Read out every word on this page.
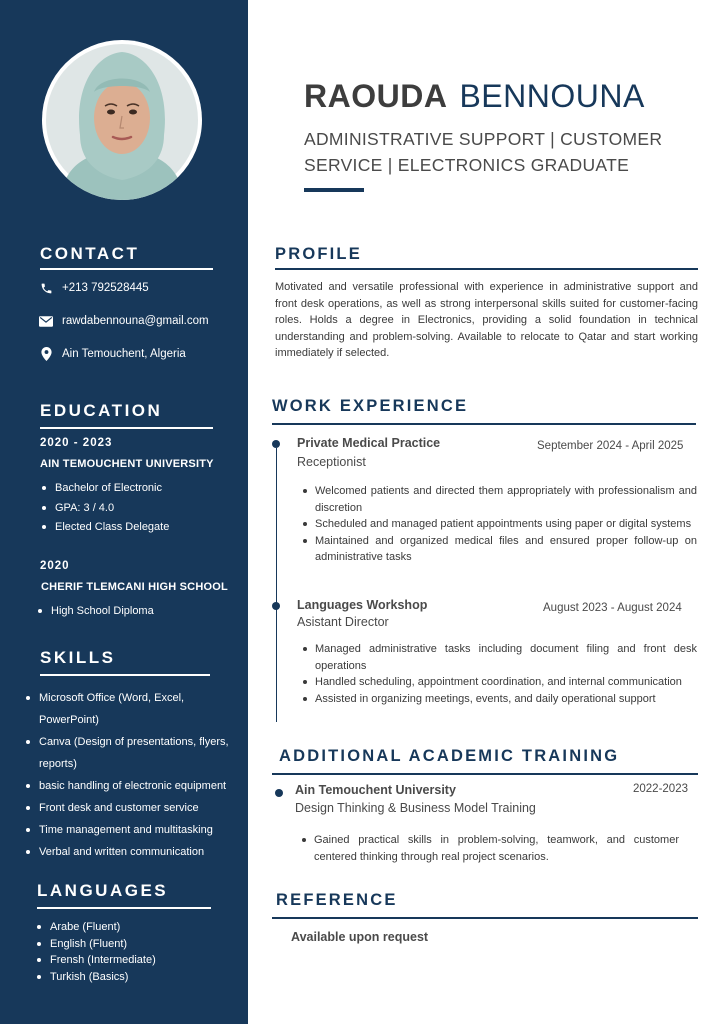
CONTACT
+213 792528445
rawdabennouna@gmail.com
Ain Temouchent, Algeria
EDUCATION
2020 - 2023
AIN TEMOUCHENT UNIVERSITY
Bachelor of Electronic
GPA: 3 / 4.0
Elected Class Delegate
2020
CHERIF TLEMCANI HIGH SCHOOL
High School Diploma
SKILLS
Microsoft Office (Word, Excel, PowerPoint)
Canva (Design of presentations, flyers, reports)
basic handling of electronic equipment
Front desk and customer service
Time management and multitasking
Verbal and written communication
LANGUAGES
Arabe (Fluent)
English (Fluent)
Frensh (Intermediate)
Turkish (Basics)
RAOUDA BENNOUNA
ADMINISTRATIVE SUPPORT | CUSTOMER SERVICE | ELECTRONICS GRADUATE
PROFILE
Motivated and versatile professional with experience in administrative support and front desk operations, as well as strong interpersonal skills suited for customer-facing roles. Holds a degree in Electronics, providing a solid foundation in technical understanding and problem-solving. Available to relocate to Qatar and start working immediately if selected.
WORK EXPERIENCE
Private Medical Practice
Receptionist
September 2024 - April 2025
Welcomed patients and directed them appropriately with professionalism and discretion
Scheduled and managed patient appointments using paper or digital systems
Maintained and organized medical files and ensured proper follow-up on administrative tasks
Languages Workshop
Asistant Director
August 2023 - August 2024
Managed administrative tasks including document filing and front desk operations
Handled scheduling, appointment coordination, and internal communication
Assisted in organizing meetings, events, and daily operational support
ADDITIONAL ACADEMIC TRAINING
Ain Temouchent University
Design Thinking & Business Model Training
2022-2023
Gained practical skills in problem-solving, teamwork, and customer centered thinking through real project scenarios.
REFERENCE
Available upon request
